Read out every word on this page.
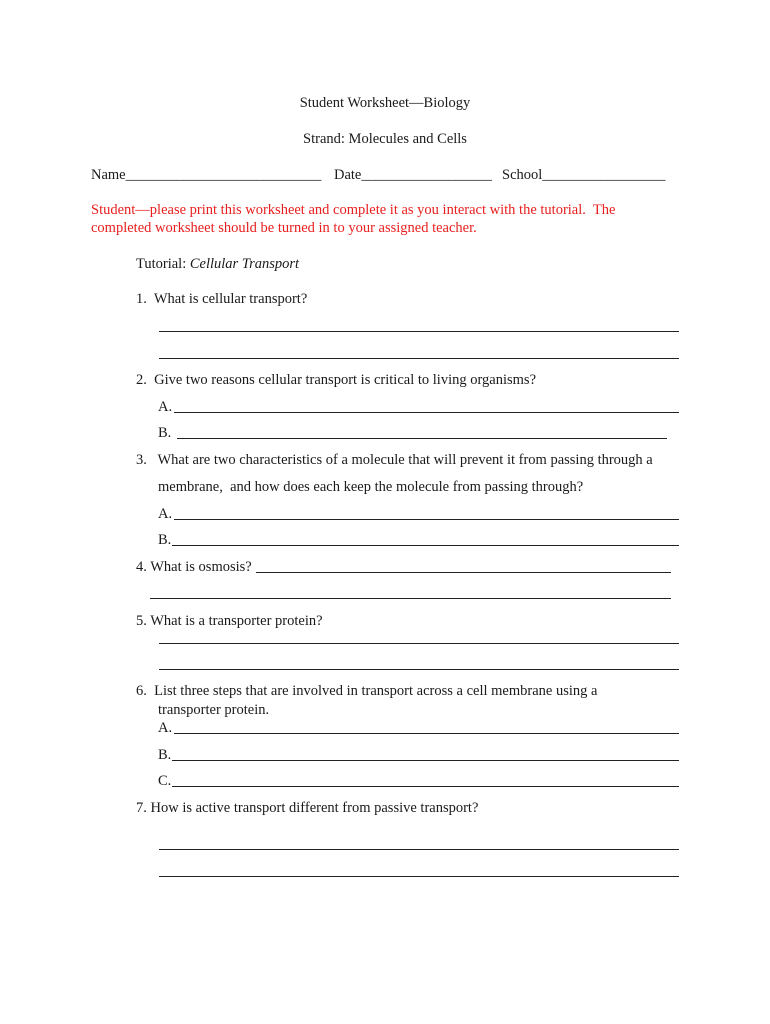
Student Worksheet—Biology
Strand: Molecules and Cells
Name___________________________ Date__________________ School_________________
Student—please print this worksheet and complete it as you interact with the tutorial.  The
completed worksheet should be turned in to your assigned teacher.
Tutorial: Cellular Transport
1.  What is cellular transport?
2.  Give two reasons cellular transport is critical to living organisms?
A.
B.
3.   What are two characteristics of a molecule that will prevent it from passing through a
membrane,  and how does each keep the molecule from passing through?
A.
B.
4. What is osmosis?
5. What is a transporter protein?
6.  List three steps that are involved in transport across a cell membrane using a
transporter protein.
A.
B.
C.
7. How is active transport different from passive transport?
